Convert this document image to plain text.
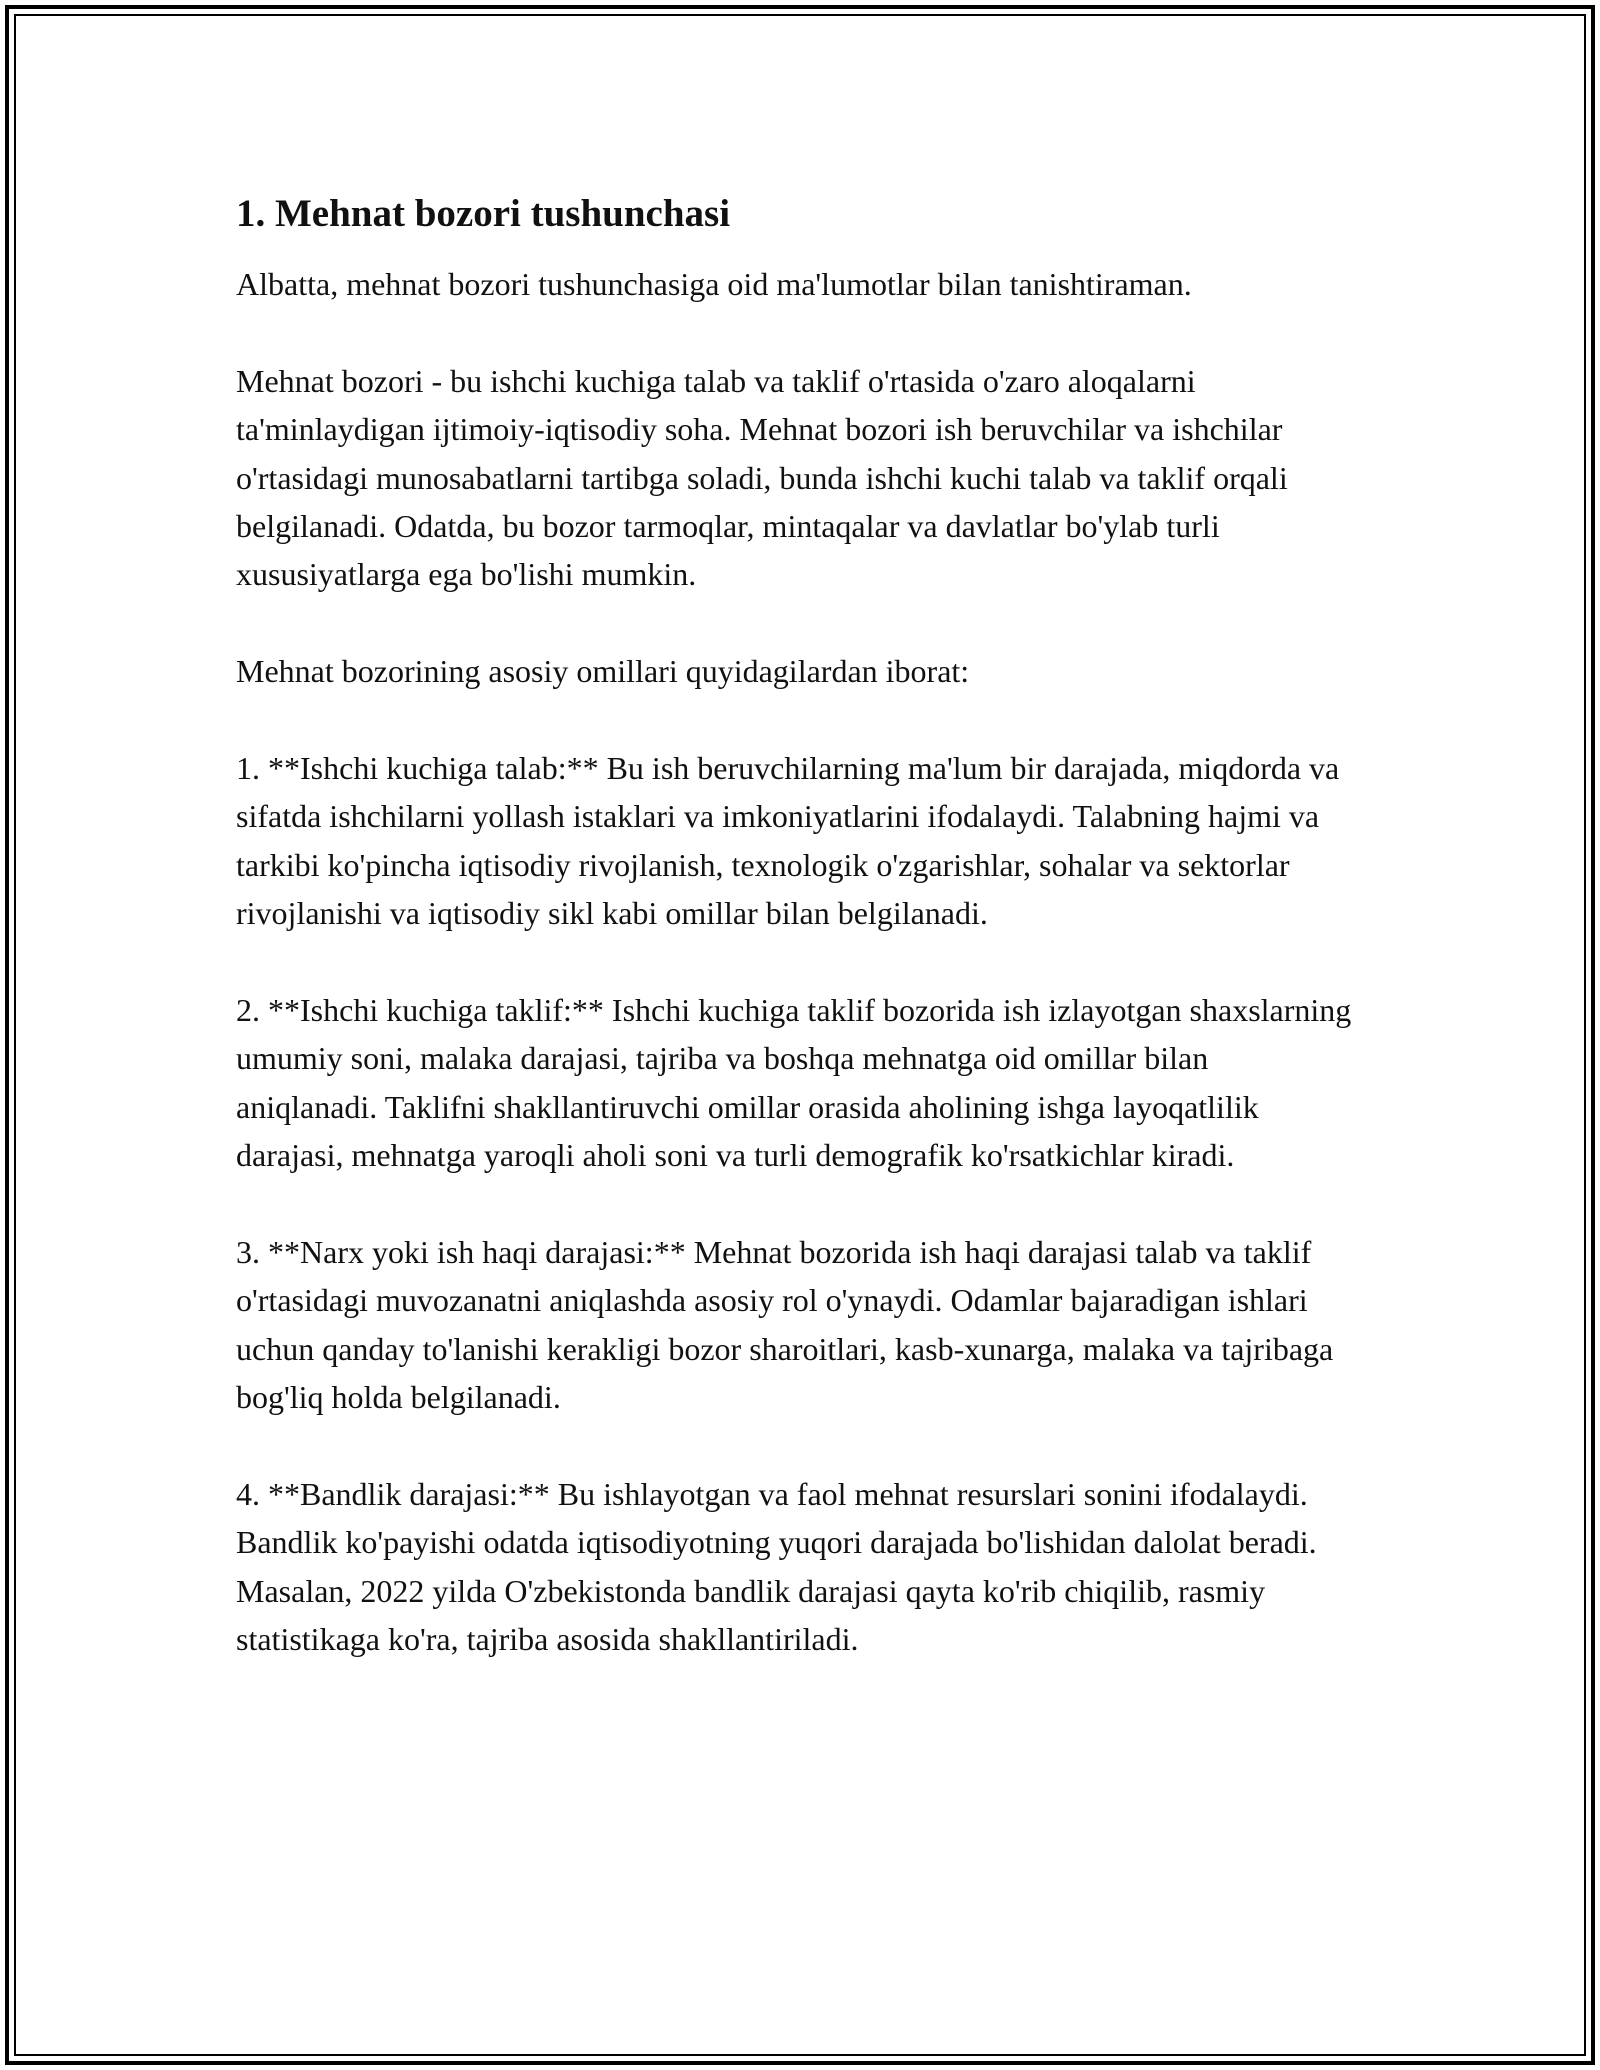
1. Mehnat bozori tushunchasi

Albatta, mehnat bozori tushunchasiga oid ma'lumotlar bilan tanishtiraman.

Mehnat bozori - bu ishchi kuchiga talab va taklif o'rtasida o'zaro aloqalarni ta'minlaydigan ijtimoiy-iqtisodiy soha. Mehnat bozori ish beruvchilar va ishchilar o'rtasidagi munosabatlarni tartibga soladi, bunda ishchi kuchi talab va taklif orqali belgilanadi. Odatda, bu bozor tarmoqlar, mintaqalar va davlatlar bo'ylab turli xususiyatlarga ega bo'lishi mumkin.

Mehnat bozorining asosiy omillari quyidagilardan iborat:

1. **Ishchi kuchiga talab:** Bu ish beruvchilarning ma'lum bir darajada, miqdorda va sifatda ishchilarni yollash istaklari va imkoniyatlarini ifodalaydi. Talabning hajmi va tarkibi ko'pincha iqtisodiy rivojlanish, texnologik o'zgarishlar, sohalar va sektorlar rivojlanishi va iqtisodiy sikl kabi omillar bilan belgilanadi.

2. **Ishchi kuchiga taklif:** Ishchi kuchiga taklif bozorida ish izlayotgan shaxslarning umumiy soni, malaka darajasi, tajriba va boshqa mehnatga oid omillar bilan aniqlanadi. Taklifni shakllantiruvchi omillar orasida aholining ishga layoqatlilik darajasi, mehnatga yaroqli aholi soni va turli demografik ko'rsatkichlar kiradi.

3. **Narx yoki ish haqi darajasi:** Mehnat bozorida ish haqi darajasi talab va taklif o'rtasidagi muvozanatni aniqlashda asosiy rol o'ynaydi. Odamlar bajaradigan ishlari uchun qanday to'lanishi kerakligi bozor sharoitlari, kasb-xunarga, malaka va tajribaga bog'liq holda belgilanadi.

4. **Bandlik darajasi:** Bu ishlayotgan va faol mehnat resurslari sonini ifodalaydi. Bandlik ko'payishi odatda iqtisodiyotning yuqori darajada bo'lishidan dalolat beradi. Masalan, 2022 yilda O'zbekistonda bandlik darajasi qayta ko'rib chiqilib, rasmiy statistikaga ko'ra, tajriba asosida shakllantiriladi.
